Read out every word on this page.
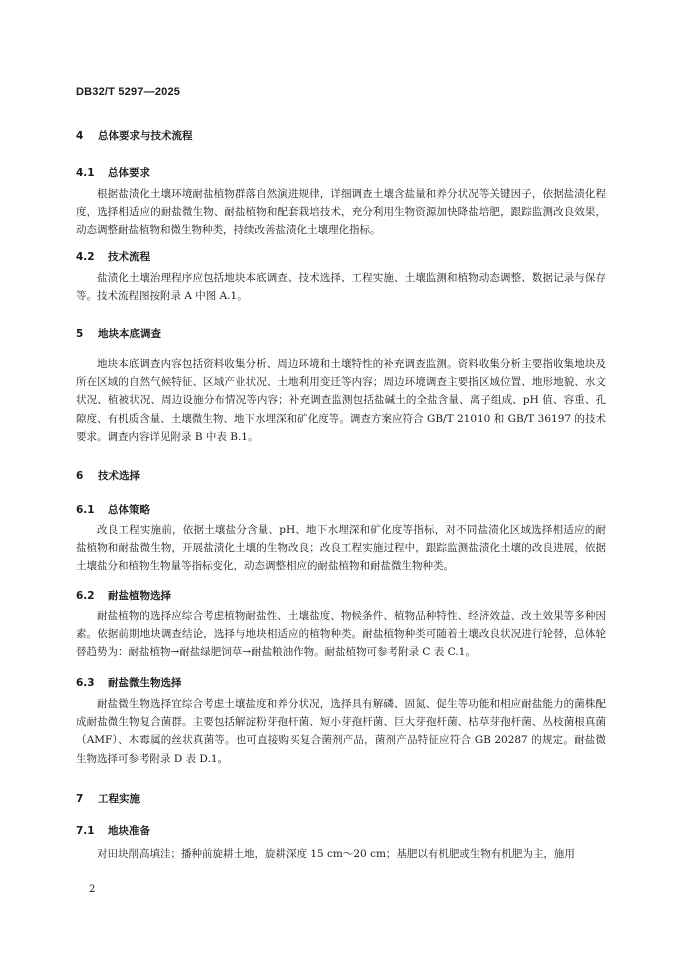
DB32/T 5297—2025
4 总体要求与技术流程
4.1 总体要求
根据盐渍化土壤环境耐盐植物群落自然演进规律，详细调查土壤含盐量和养分状况等关键因子，依据盐渍化程度，选择相适应的耐盐微生物、耐盐植物和配套栽培技术，充分利用生物资源加快降盐培肥，跟踪监测改良效果，动态调整耐盐植物和微生物种类，持续改善盐渍化土壤理化指标。
4.2 技术流程
盐渍化土壤治理程序应包括地块本底调查、技术选择、工程实施、土壤监测和植物动态调整、数据记录与保存等。技术流程图按附录 A 中图 A.1。
5 地块本底调查
地块本底调查内容包括资料收集分析、周边环境和土壤特性的补充调查监测。资料收集分析主要指收集地块及所在区域的自然气候特征、区域产业状况、土地利用变迁等内容；周边环境调查主要指区域位置、地形地貌、水文状况、植被状况、周边设施分布情况等内容；补充调查监测包括盐碱土的全盐含量、离子组成、pH 值、容重、孔隙度、有机质含量、土壤微生物、地下水埋深和矿化度等。调查方案应符合 GB/T 21010 和 GB/T 36197 的技术要求。调查内容详见附录 B 中表 B.1。
6 技术选择
6.1 总体策略
改良工程实施前，依据土壤盐分含量、pH、地下水埋深和矿化度等指标，对不同盐渍化区域选择相适应的耐盐植物和耐盐微生物，开展盐渍化土壤的生物改良；改良工程实施过程中，跟踪监测盐渍化土壤的改良进展，依据土壤盐分和植物生物量等指标变化，动态调整相应的耐盐植物和耐盐微生物种类。
6.2 耐盐植物选择
耐盐植物的选择应综合考虑植物耐盐性、土壤盐度、物候条件、植物品种特性、经济效益、改土效果等多种因素。依据前期地块调查结论，选择与地块相适应的植物种类。耐盐植物种类可随着土壤改良状况进行轮替，总体轮替趋势为：耐盐植物→耐盐绿肥饲草→耐盐粮油作物。耐盐植物可参考附录 C 表 C.1。
6.3 耐盐微生物选择
耐盐微生物选择宜综合考虑土壤盐度和养分状况，选择具有解磷、固氮、促生等功能和相应耐盐能力的菌株配成耐盐微生物复合菌群。主要包括解淀粉芽孢杆菌、短小芽孢杆菌、巨大芽孢杆菌、枯草芽孢杆菌、丛枝菌根真菌（AMF）、木霉属的丝状真菌等。也可直接购买复合菌剂产品，菌剂产品特征应符合 GB 20287 的规定。耐盐微生物选择可参考附录 D 表 D.1。
7 工程实施
7.1 地块准备
对田块削高填洼；播种前旋耕土地，旋耕深度 15 cm～20 cm；基肥以有机肥或生物有机肥为主，施用
2
